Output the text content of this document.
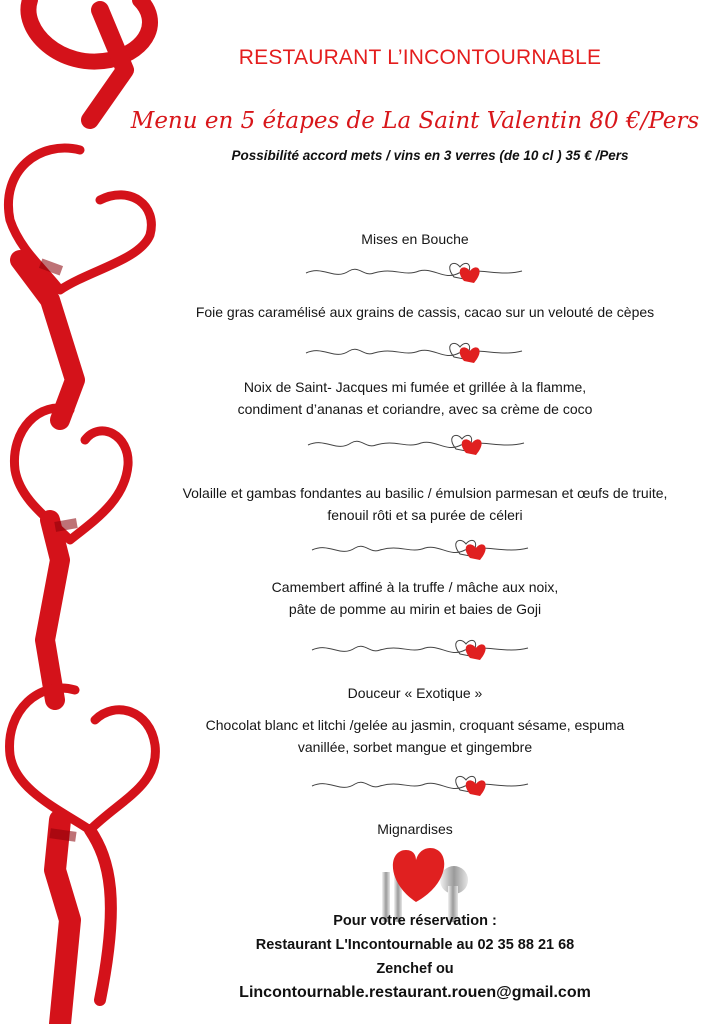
RESTAURANT L’INCONTOURNABLE
Menu en 5 étapes de La Saint Valentin 80 €/Pers
Possibilité accord mets / vins en 3 verres (de 10 cl ) 35 € /Pers
Mises en Bouche
Foie gras caramélisé aux grains de cassis, cacao sur un velouté de cèpes
Noix de Saint- Jacques mi fumée et grillée à la flamme,
condiment d’ananas et coriandre, avec sa crème de coco
Volaille et gambas fondantes au basilic / émulsion parmesan et œufs de truite,
fenouil rôti et sa purée de céleri
Camembert affiné à la truffe / mâche aux noix,
pâte de pomme au mirin et baies de Goji
Douceur « Exotique »
Chocolat blanc et litchi /gelée au jasmin, croquant sésame, espuma
vanillée, sorbet mangue et gingembre
Mignardises
Pour votre réservation :
Restaurant L'Incontournable au 02 35 88 21 68
Zenchef ou
Lincontournable.restaurant.rouen@gmail.com
